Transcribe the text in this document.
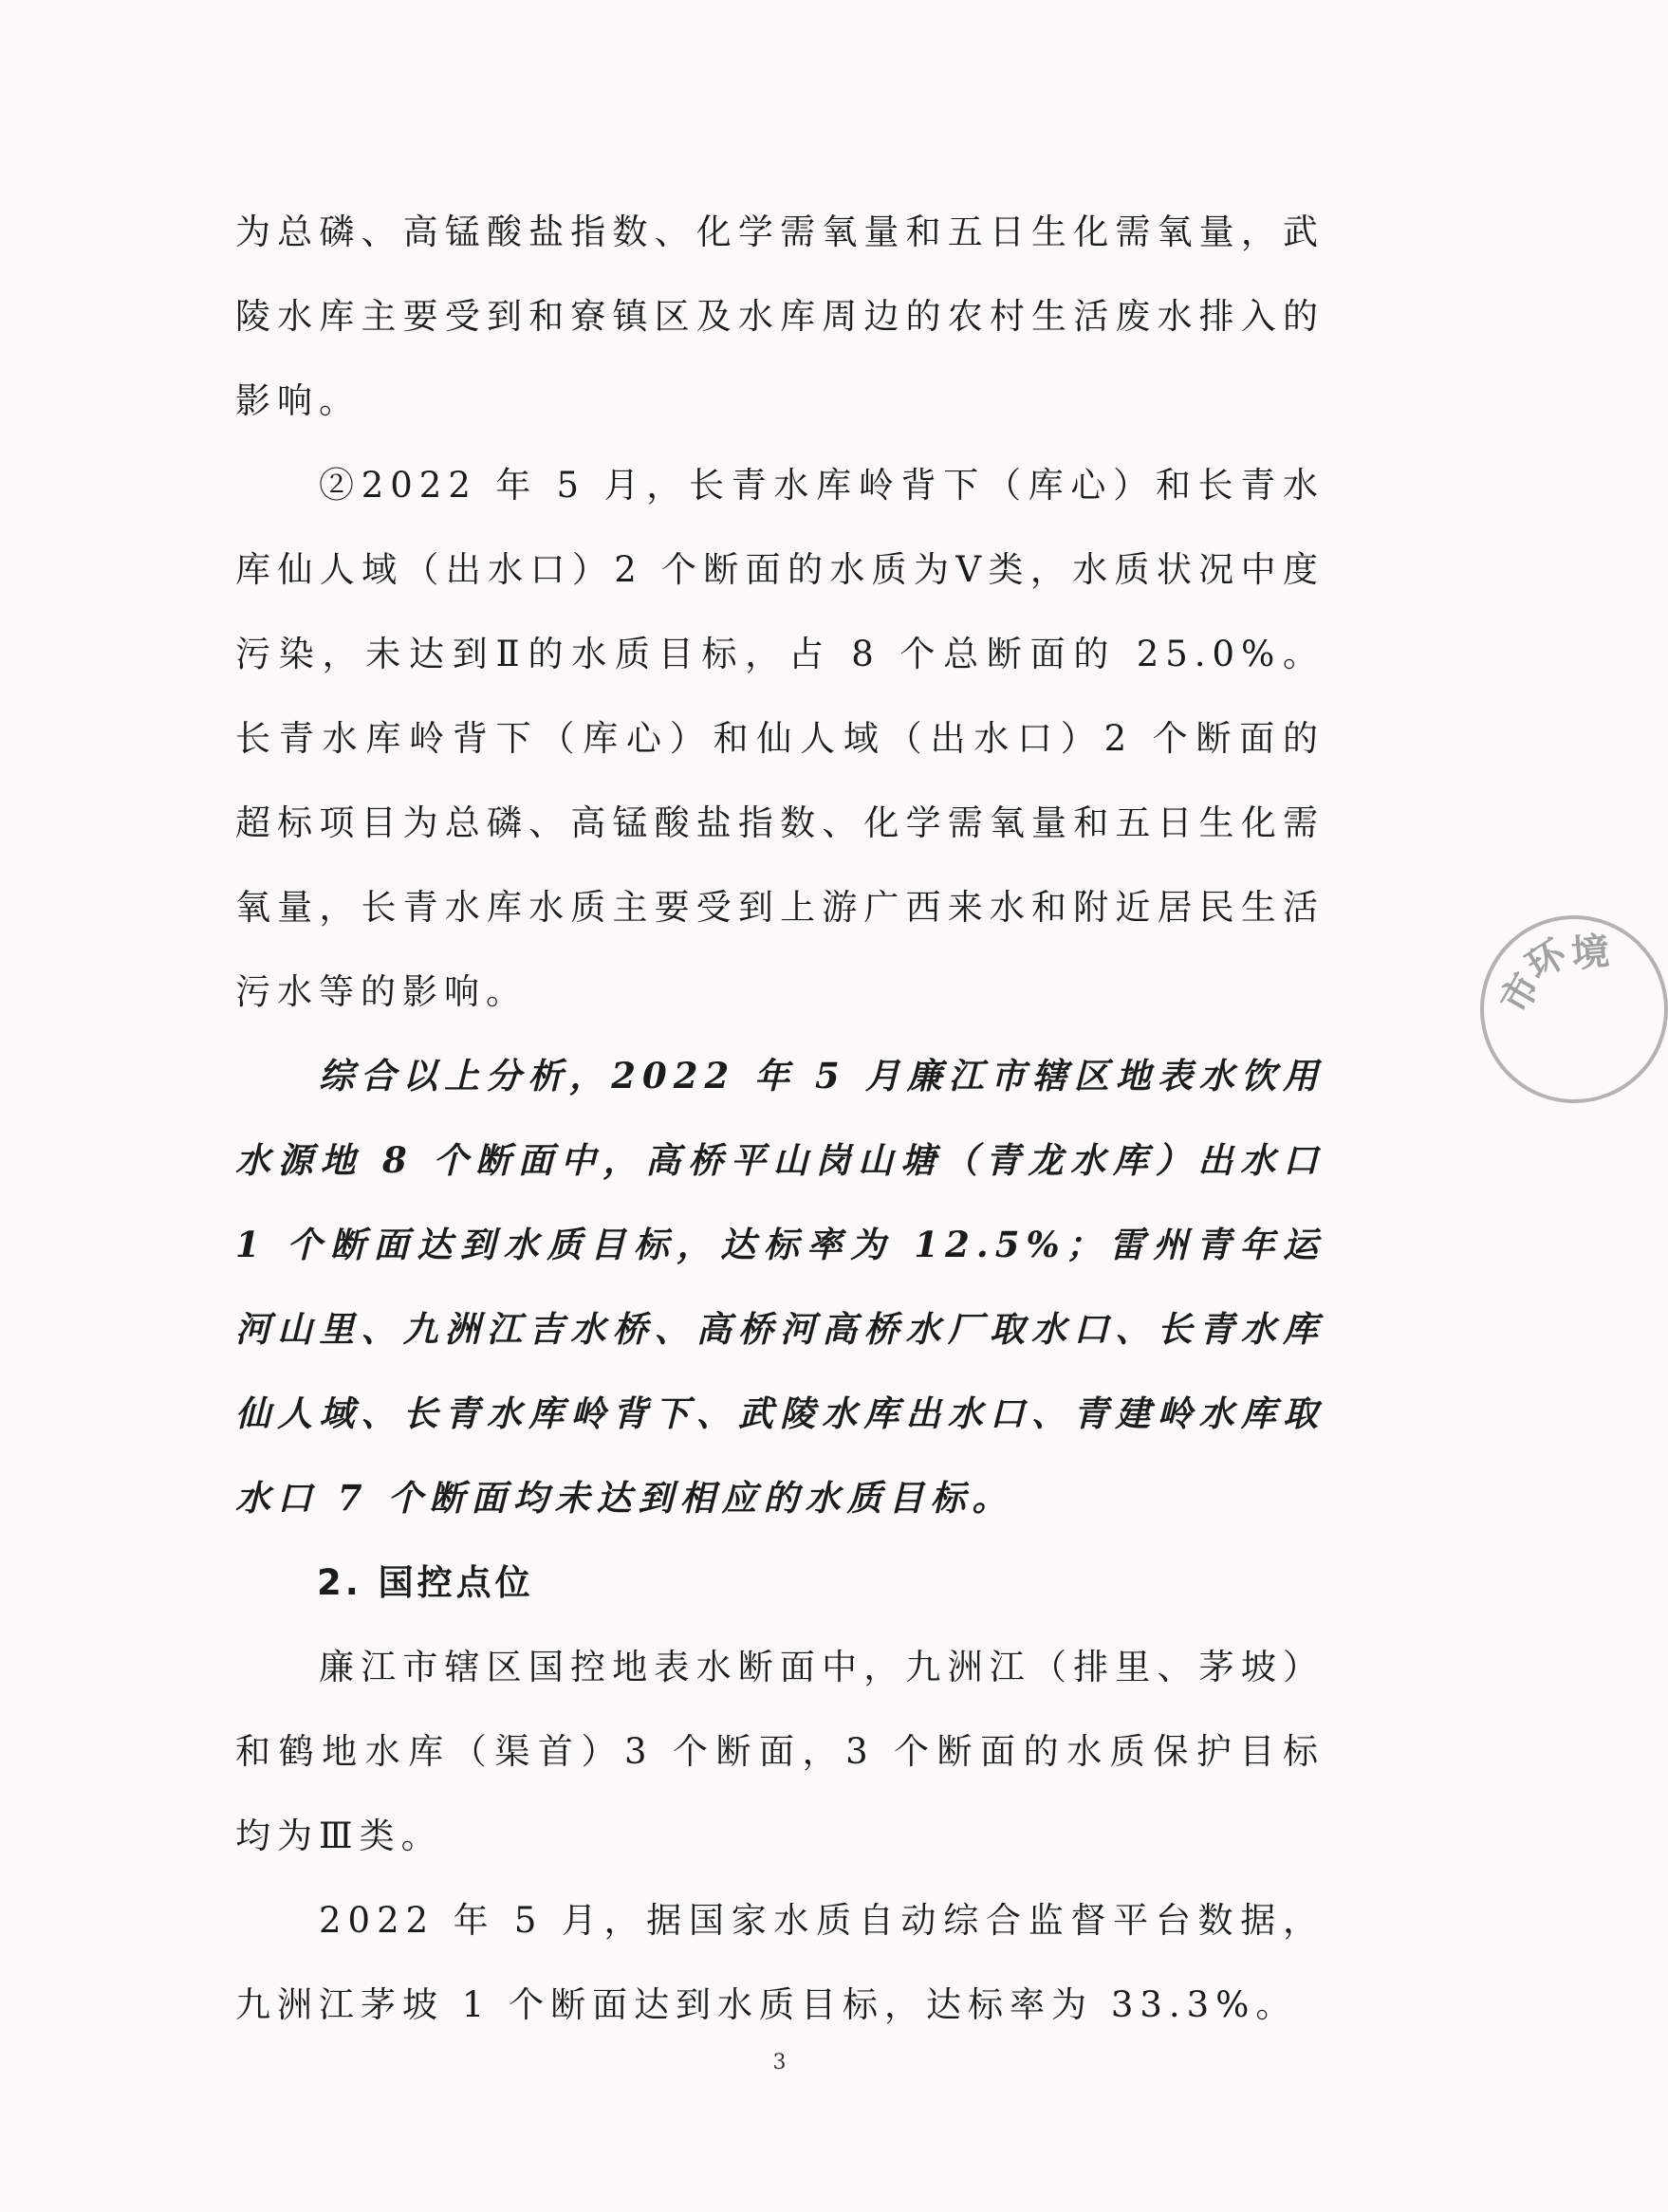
为总磷、高锰酸盐指数、化学需氧量和五日生化需氧量，武陵水库主要受到和寮镇区及水库周边的农村生活废水排入的影响。

②2022 年 5 月，长青水库岭背下（库心）和长青水库仙人域（出水口）2 个断面的水质为Ⅴ类，水质状况中度污染，未达到Ⅱ的水质目标，占 8 个总断面的 25.0%。长青水库岭背下（库心）和仙人域（出水口）2 个断面的超标项目为总磷、高锰酸盐指数、化学需氧量和五日生化需氧量，长青水库水质主要受到上游广西来水和附近居民生活污水等的影响。

综合以上分析，2022 年 5 月廉江市辖区地表水饮用水源地 8 个断面中，高桥平山岗山塘（青龙水库）出水口 1 个断面达到水质目标，达标率为 12.5%；雷州青年运河山里、九洲江吉水桥、高桥河高桥水厂取水口、长青水库仙人域、长青水库岭背下、武陵水库出水口、青建岭水库取水口 7 个断面均未达到相应的水质目标。

2. 国控点位

廉江市辖区国控地表水断面中，九洲江（排里、茅坡）和鹤地水库（渠首）3 个断面，3 个断面的水质保护目标均为Ⅲ类。

2022 年 5 月，据国家水质自动综合监督平台数据，九洲江茅坡 1 个断面达到水质目标，达标率为 33.3%。

3
市
环
境
